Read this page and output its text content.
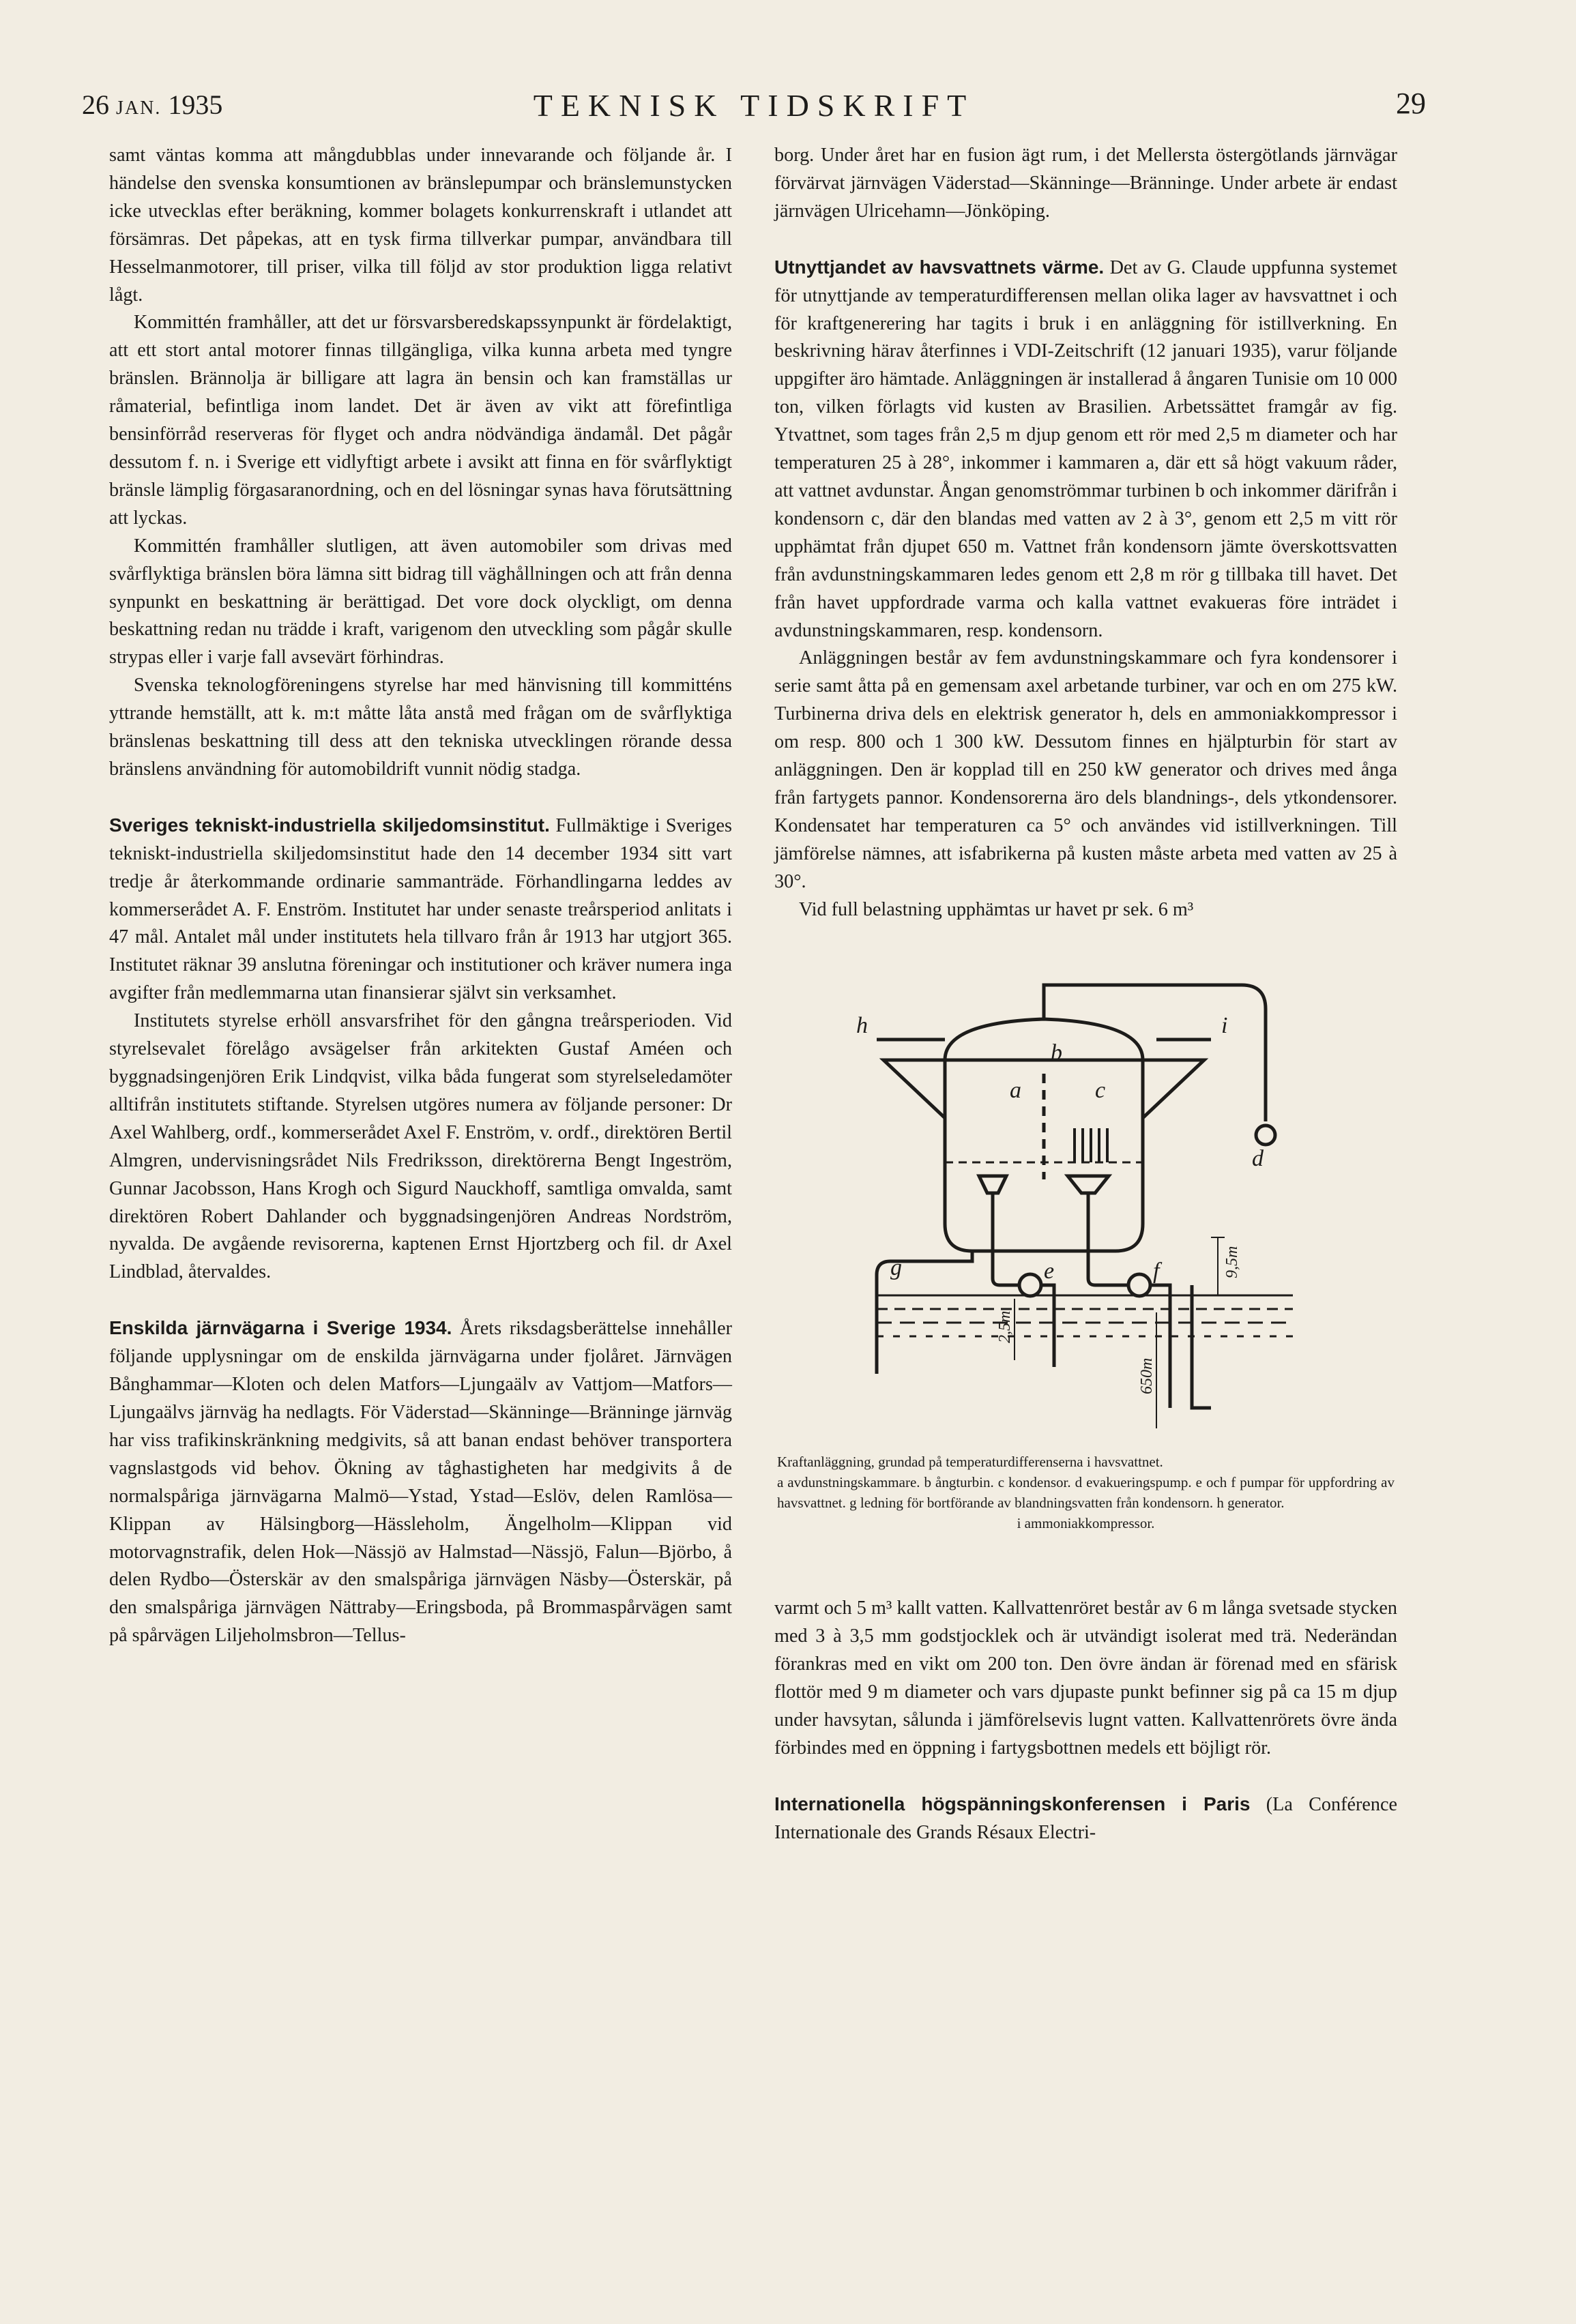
26 JAN. 1935	TEKNISK TIDSKRIFT	29

samt väntas komma att mångdubblas under innevarande och följande år. I händelse den svenska konsumtionen av bränslepumpar och bränslemunstycken icke utvecklas efter beräkning, kommer bolagets konkurrenskraft i utlandet att försämras. Det påpekas, att en tysk firma tillverkar pumpar, användbara till Hesselmanmotorer, till priser, vilka till följd av stor produktion ligga relativt lågt.

Kommittén framhåller, att det ur försvarsberedskapssynpunkt är fördelaktigt, att ett stort antal motorer finnas tillgängliga, vilka kunna arbeta med tyngre bränslen. Brännolja är billigare att lagra än bensin och kan framställas ur råmaterial, befintliga inom landet. Det är även av vikt att förefintliga bensinförråd reserveras för flyget och andra nödvändiga ändamål. Det pågår dessutom f. n. i Sverige ett vidlyftigt arbete i avsikt att finna en för svårflyktigt bränsle lämplig förgasaranordning, och en del lösningar synas hava förutsättning att lyckas.

Kommittén framhåller slutligen, att även automobiler som drivas med svårflyktiga bränslen böra lämna sitt bidrag till väghållningen och att från denna synpunkt en beskattning är berättigad. Det vore dock olyckligt, om denna beskattning redan nu trädde i kraft, varigenom den utveckling som pågår skulle strypas eller i varje fall avsevärt förhindras.

Svenska teknologföreningens styrelse har med hänvisning till kommitténs yttrande hemställt, att k. m:t måtte låta anstå med frågan om de svårflyktiga bränslenas beskattning till dess att den tekniska utvecklingen rörande dessa bränslens användning för automobildrift vunnit nödig stadga.

Sveriges tekniskt-industriella skiljedomsinstitut. Fullmäktige i Sveriges tekniskt-industriella skiljedomsinstitut hade den 14 december 1934 sitt vart tredje år återkommande ordinarie sammanträde. Förhandlingarna leddes av kommerserådet A. F. Enström. Institutet har under senaste treårsperiod anlitats i 47 mål. Antalet mål under institutets hela tillvaro från år 1913 har utgjort 365. Institutet räknar 39 anslutna föreningar och institutioner och kräver numera inga avgifter från medlemmarna utan finansierar självt sin verksamhet.

Institutets styrelse erhöll ansvarsfrihet för den gångna treårsperioden. Vid styrelsevalet förelågo avsägelser från arkitekten Gustaf Améen och byggnadsingenjören Erik Lindqvist, vilka båda fungerat som styrelseledamöter alltifrån institutets stiftande. Styrelsen utgöres numera av följande personer: Dr Axel Wahlberg, ordf., kommerserådet Axel F. Enström, v. ordf., direktören Bertil Almgren, undervisningsrådet Nils Fredriksson, direktörerna Bengt Ingeström, Gunnar Jacobsson, Hans Krogh och Sigurd Nauckhoff, samtliga omvalda, samt direktören Robert Dahlander och byggnadsingenjören Andreas Nordström, nyvalda. De avgående revisorerna, kaptenen Ernst Hjortzberg och fil. dr Axel Lindblad, återvaldes.

Enskilda järnvägarna i Sverige 1934. Årets riksdagsberättelse innehåller följande upplysningar om de enskilda järnvägarna under fjolåret. Järnvägen Bånghammar—Kloten och delen Matfors—Ljungaälv av Vattjom—Matfors—Ljungaälvs järnväg ha nedlagts. För Väderstad—Skänninge—Bränninge järnväg har viss trafikinskränkning medgivits, så att banan endast behöver transportera vagnslastgods vid behov. Ökning av tåghastigheten har medgivits å de normalspåriga järnvägarna Malmö—Ystad, Ystad—Eslöv, delen Ramlösa—Klippan av Hälsingborg—Hässleholm, Ängelholm—Klippan vid motorvagnstrafik, delen Hok—Nässjö av Halmstad—Nässjö, Falun—Björbo, å delen Rydbo—Österskär av den smalspåriga järnvägen Näsby—Österskär, på den smalspåriga järnvägen Nättraby—Eringsboda, på Brommaspårvägen samt på spårvägen Liljeholmsbron—Tellus-

borg. Under året har en fusion ägt rum, i det Mellersta östergötlands järnvägar förvärvat järnvägen Väderstad—Skänninge—Bränninge. Under arbete är endast järnvägen Ulricehamn—Jönköping.

Utnyttjandet av havsvattnets värme. Det av G. Claude uppfunna systemet för utnyttjande av temperaturdifferensen mellan olika lager av havsvattnet i och för kraftgenerering har tagits i bruk i en anläggning för istillverkning. En beskrivning härav återfinnes i VDI-Zeitschrift (12 januari 1935), varur följande uppgifter äro hämtade. Anläggningen är installerad å ångaren Tunisie om 10 000 ton, vilken förlagts vid kusten av Brasilien. Arbetssättet framgår av fig. Ytvattnet, som tages från 2,5 m djup genom ett rör med 2,5 m diameter och har temperaturen 25 à 28°, inkommer i kammaren a, där ett så högt vakuum råder, att vattnet avdunstar. Ångan genomströmmar turbinen b och inkommer därifrån i kondensorn c, där den blandas med vatten av 2 à 3°, genom ett 2,5 m vitt rör upphämtat från djupet 650 m. Vattnet från kondensorn jämte överskottsvatten från avdunstningskammaren ledes genom ett 2,8 m rör g tillbaka till havet. Det från havet uppfordrade varma och kalla vattnet evakueras före inträdet i avdunstningskammaren, resp. kondensorn.

Anläggningen består av fem avdunstningskammare och fyra kondensorer i serie samt åtta på en gemensam axel arbetande turbiner, var och en om 275 kW. Turbinerna driva dels en elektrisk generator h, dels en ammoniakkompressor i om resp. 800 och 1 300 kW. Dessutom finnes en hjälpturbin för start av anläggningen. Den är kopplad till en 250 kW generator och drives med ånga från fartygets pannor. Kondensorerna äro dels blandnings-, dels ytkondensorer. Kondensatet har temperaturen ca 5° och användes vid istillverkningen. Till jämförelse nämnes, att isfabrikerna på kusten måste arbeta med vatten av 25 à 30°.

Vid full belastning upphämtas ur havet pr sek. 6 m³

h
b
i
a	c
d
g	e	f	9,5m
2,5m
650m
Kraftanläggning, grundad på temperaturdifferenserna i havsvattnet.
a avdunstningskammare. b ångturbin. c kondensor. d evakueringspump. e och f pumpar för uppfordring av havsvattnet. g ledning för bortförande av blandningsvatten från kondensorn. h generator.
i ammoniakkompressor.

varmt och 5 m³ kallt vatten. Kallvattenröret består av 6 m långa svetsade stycken med 3 à 3,5 mm godstjocklek och är utvändigt isolerat med trä. Nederändan förankras med en vikt om 200 ton. Den övre ändan är förenad med en sfärisk flottör med 9 m diameter och vars djupaste punkt befinner sig på ca 15 m djup under havsytan, sålunda i jämförelsevis lugnt vatten. Kallvattenrörets övre ända förbindes med en öppning i fartygsbottnen medels ett böjligt rör.

Internationella högspänningskonferensen i Paris (La Conférence Internationale des Grands Résaux Electri-
